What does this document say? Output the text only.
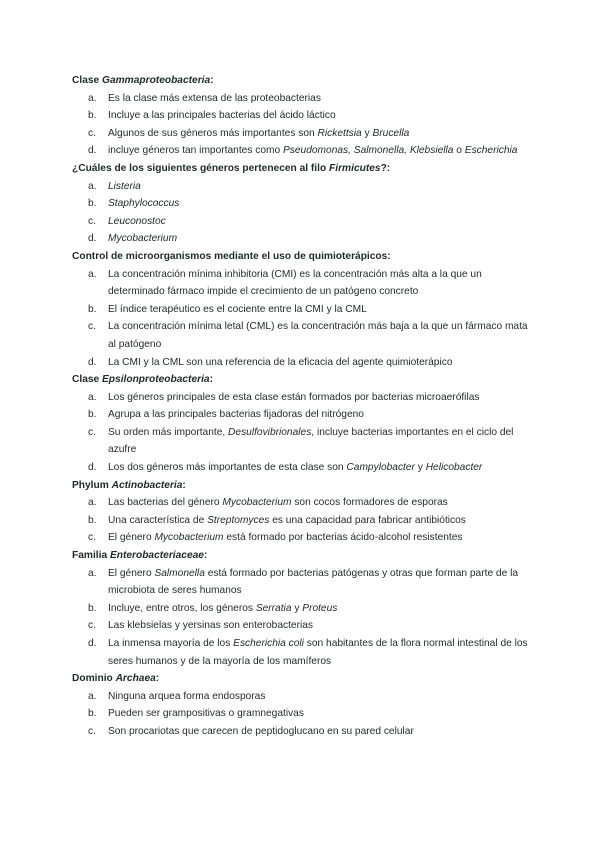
Clase Gammaproteobacteria:
a. Es la clase más extensa de las proteobacterias
b. Incluye a las principales bacterias del ácido láctico
c. Algunos de sus géneros más importantes son Rickettsia y Brucella
d. incluye géneros tan importantes como Pseudomonas, Salmonella, Klebsiella o Escherichia
¿Cuáles de los siguientes géneros pertenecen al filo Firmicutes?:
a. Listeria
b. Staphylococcus
c. Leuconostoc
d. Mycobacterium
Control de microorganismos mediante el uso de quimioterápicos:
a. La concentración mínima inhibitoria (CMI) es la concentración más alta a la que un determinado fármaco impide el crecimiento de un patógeno concreto
b. El índice terapéutico es el cociente entre la CMI y la CML
c. La concentración mínima letal (CML) es la concentración más baja a la que un fármaco mata al patógeno
d. La CMI y la CML son una referencia de la eficacia del agente quimioterápico
Clase Epsilonproteobacteria:
a. Los géneros principales de esta clase están formados por bacterias microaerófilas
b. Agrupa a las principales bacterias fijadoras del nitrógeno
c. Su orden más importante, Desulfovibrionales, incluye bacterias importantes en el ciclo del azufre
d. Los dos géneros más importantes de esta clase son Campylobacter y Helicobacter
Phylum Actinobacteria:
a. Las bacterias del género Mycobacterium son cocos formadores de esporas
b. Una característica de Streptomyces es una capacidad para fabricar antibióticos
c. El género Mycobacterium está formado por bacterias ácido-alcohol resistentes
Familia Enterobacteriaceae:
a. El género Salmonella está formado por bacterias patógenas y otras que forman parte de la microbiota de seres humanos
b. Incluye, entre otros, los géneros Serratia y Proteus
c. Las klebsielas y yersinas son enterobacterias
d. La inmensa mayoría de los Escherichia coli son habitantes de la flora normal intestinal de los seres humanos y de la mayoría de los mamíferos
Dominio Archaea:
a. Ninguna arquea forma endosporas
b. Pueden ser grampositivas o gramnegativas
c. Son procariotas que carecen de peptidoglucano en su pared celular
